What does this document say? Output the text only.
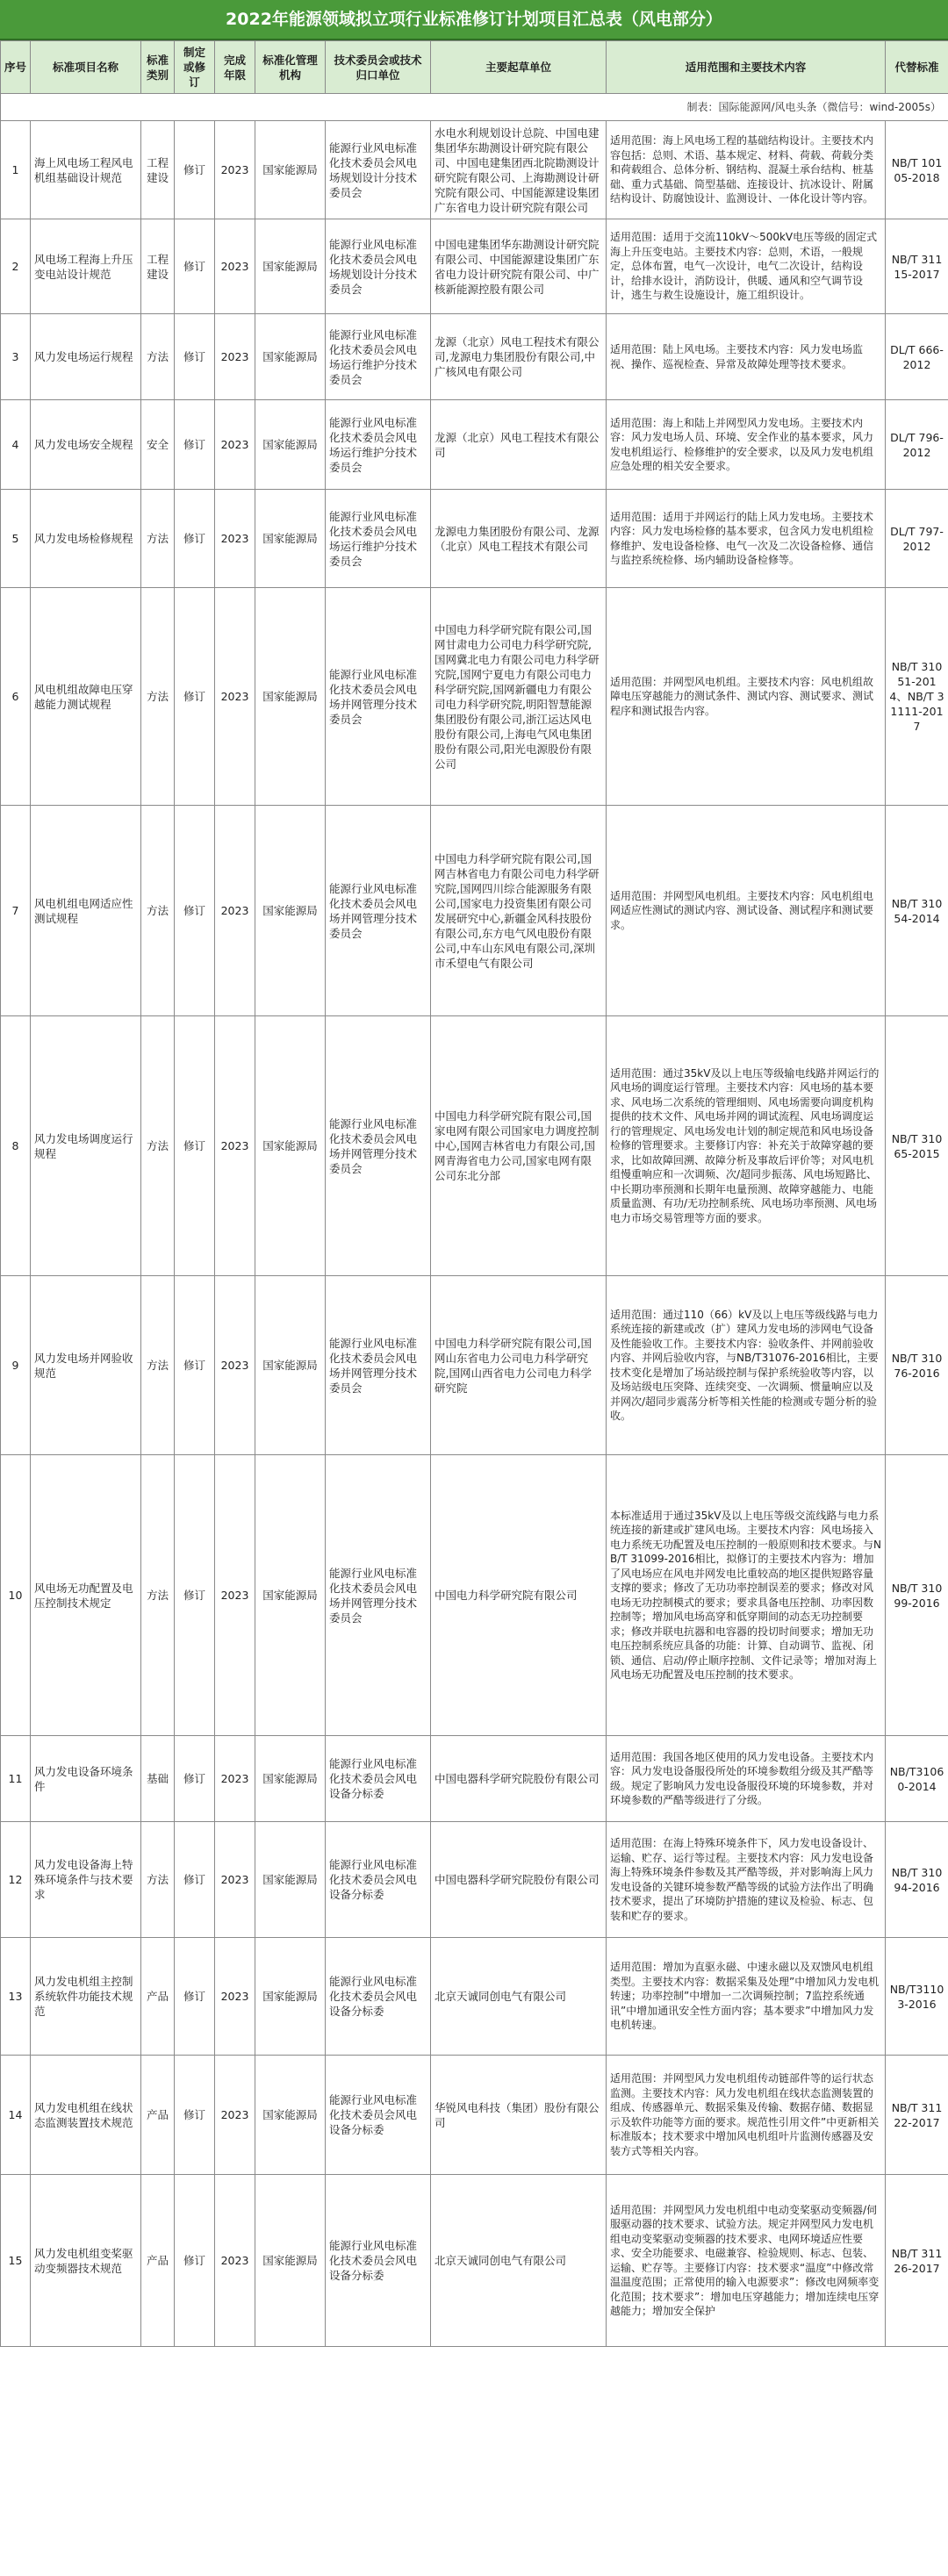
2022年能源领域拟立项行业标准修订计划项目汇总表（风电部分）
序号	标准项目名称	标准类别	制定或修订	完成年限	标准化管理机构	技术委员会或技术归口单位	主要起草单位	适用范围和主要技术内容	代替标准
制表：国际能源网/风电头条（微信号：wind-2005s）									
1	海上风电场工程风电机组基础设计规范	工程建设	修订	2023	国家能源局	能源行业风电标准化技术委员会风电场规划设计分技术委员会	水电水利规划设计总院、中国电建集团华东勘测设计研究院有限公司、中国电建集团西北院勘测设计研究院有限公司、上海勘测设计研究院有限公司、中国能源建设集团广东省电力设计研究院有限公司	适用范围：海上风电场工程的基础结构设计。主要技术内容包括：总则、术语、基本规定、材料、荷载、荷载分类和荷载组合、总体分析、钢结构、混凝土承台结构、桩基础、重力式基础、筒型基础、连接设计、抗冰设计、附属结构设计、防腐蚀设计、监测设计、一体化设计等内容。	NB/T 10105-2018
2	风电场工程海上升压变电站设计规范	工程建设	修订	2023	国家能源局	能源行业风电标准化技术委员会风电场规划设计分技术委员会	中国电建集团华东勘测设计研究院有限公司、中国能源建设集团广东省电力设计研究院有限公司、中广核新能源控股有限公司	适用范围：适用于交流110kV～500kV电压等级的固定式海上升压变电站。主要技术内容：总则，术语，一般规定，总体布置，电气一次设计，电气二次设计，结构设计，给排水设计，消防设计，供暖、通风和空气调节设计，逃生与救生设施设计，施工组织设计。	NB/T 31115-2017
3	风力发电场运行规程	方法	修订	2023	国家能源局	能源行业风电标准化技术委员会风电场运行维护分技术委员会	龙源（北京）风电工程技术有限公司,龙源电力集团股份有限公司,中广核风电有限公司	适用范围：陆上风电场。主要技术内容：风力发电场监视、操作、巡视检查、异常及故障处理等技术要求。	DL/T 666-2012
4	风力发电场安全规程	安全	修订	2023	国家能源局	能源行业风电标准化技术委员会风电场运行维护分技术委员会	龙源（北京）风电工程技术有限公司	适用范围：海上和陆上并网型风力发电场。主要技术内容：风力发电场人员、环境、安全作业的基本要求，风力发电机组运行、检修维护的安全要求，以及风力发电机组应急处理的相关安全要求。	DL/T 796-2012
5	风力发电场检修规程	方法	修订	2023	国家能源局	能源行业风电标准化技术委员会风电场运行维护分技术委员会	龙源电力集团股份有限公司、龙源（北京）风电工程技术有限公司	适用范围：适用于并网运行的陆上风力发电场。主要技术内容：风力发电场检修的基本要求，包含风力发电机组检修维护、发电设备检修、电气一次及二次设备检修、通信与监控系统检修、场内辅助设备检修等。	DL/T 797-2012
6	风电机组故障电压穿越能力测试规程	方法	修订	2023	国家能源局	能源行业风电标准化技术委员会风电场并网管理分技术委员会	中国电力科学研究院有限公司,国网甘肃电力公司电力科学研究院,国网冀北电力有限公司电力科学研究院,国网宁夏电力有限公司电力科学研究院,国网新疆电力有限公司电力科学研究院,明阳智慧能源集团股份有限公司,浙江运达风电股份有限公司,上海电气风电集团股份有限公司,阳光电源股份有限公司	适用范围：并网型风电机组。主要技术内容：风电机组故障电压穿越能力的测试条件、测试内容、测试要求、测试程序和测试报告内容。	NB/T 31051-2014、NB/T 31111-2017
7	风电机组电网适应性测试规程	方法	修订	2023	国家能源局	能源行业风电标准化技术委员会风电场并网管理分技术委员会	中国电力科学研究院有限公司,国网吉林省电力有限公司电力科学研究院,国网四川综合能源服务有限公司,国家电力投资集团有限公司发展研究中心,新疆金风科技股份有限公司,东方电气风电股份有限公司,中车山东风电有限公司,深圳市禾望电气有限公司	适用范围：并网型风电机组。主要技术内容：风电机组电网适应性测试的测试内容、测试设备、测试程序和测试要求。	NB/T 31054-2014
8	风力发电场调度运行规程	方法	修订	2023	国家能源局	能源行业风电标准化技术委员会风电场并网管理分技术委员会	中国电力科学研究院有限公司,国家电网有限公司国家电力调度控制中心,国网吉林省电力有限公司,国网青海省电力公司,国家电网有限公司东北分部	适用范围：通过35kV及以上电压等级输电线路并网运行的风电场的调度运行管理。主要技术内容：风电场的基本要求、风电场二次系统的管理细则、风电场需要向调度机构提供的技术文件、风电场并网的调试流程、风电场调度运行的管理规定、风电场发电计划的制定规范和风电场设备检修的管理要求。主要修订内容：补充关于故障穿越的要求，比如故障回溯、故障分析及事故后评价等；对风电机组慢重响应和一次调频、次/超同步振荡、风电场短路比、中长期功率预测和长期年电量预测、故障穿越能力、电能质量监测、有功/无功控制系统、风电场功率预测、风电场电力市场交易管理等方面的要求。	NB/T 31065-2015
9	风力发电场并网验收规范	方法	修订	2023	国家能源局	能源行业风电标准化技术委员会风电场并网管理分技术委员会	中国电力科学研究院有限公司,国网山东省电力公司电力科学研究院,国网山西省电力公司电力科学研究院	适用范围：通过110（66）kV及以上电压等级线路与电力系统连接的新建或改（扩）建风力发电场的涉网电气设备及性能验收工作。主要技术内容：验收条件、并网前验收内容、并网后验收内容，与NB/T31076-2016相比，主要技术变化是增加了场站级控制与保护系统验收等内容，以及场站级电压突降、连续突变、一次调频、惯量响应以及并网次/超同步震荡分析等相关性能的检测或专题分析的验收。	NB/T 31076-2016
10	风电场无功配置及电压控制技术规定	方法	修订	2023	国家能源局	能源行业风电标准化技术委员会风电场并网管理分技术委员会	中国电力科学研究院有限公司	本标准适用于通过35kV及以上电压等级交流线路与电力系统连接的新建或扩建风电场。主要技术内容：风电场接入电力系统无功配置及电压控制的一般原则和技术要求。与NB/T 31099-2016相比，拟修订的主要技术内容为：增加了风电场应在风电并网发电比重较高的地区提供短路容量支撑的要求；修改了无功功率控制误差的要求；修改对风电场无功控制模式的要求；要求具备电压控制、功率因数控制等；增加风电场高穿和低穿期间的动态无功控制要求；修改并联电抗器和电容器的投切时间要求；增加无功电压控制系统应具备的功能：计算、自动调节、监视、闭锁、通信、启动/停止顺序控制、文件记录等；增加对海上风电场无功配置及电压控制的技术要求。	NB/T 31099-2016
11	风力发电设备环境条件	基础	修订	2023	国家能源局	能源行业风电标准化技术委员会风电设备分标委	中国电器科学研究院股份有限公司	适用范围：我国各地区使用的风力发电设备。主要技术内容：风力发电设备服役所处的环境参数组分级及其严酷等级。规定了影响风力发电设备服役环境的环境参数，并对环境参数的严酷等级进行了分级。	NB/T31060-2014
12	风力发电设备海上特殊环境条件与技术要求	方法	修订	2023	国家能源局	能源行业风电标准化技术委员会风电设备分标委	中国电器科学研究院股份有限公司	适用范围：在海上特殊环境条件下，风力发电设备设计、运输、贮存、运行等过程。主要技术内容：风力发电设备海上特殊环境条件参数及其严酷等级，并对影响海上风力发电设备的关键环境参数严酷等级的试验方法作出了明确技术要求，提出了环境防护措施的建议及检验、标志、包装和贮存的要求。	NB/T 31094-2016
13	风力发电机组主控制系统软件功能技术规范	产品	修订	2023	国家能源局	能源行业风电标准化技术委员会风电设备分标委	北京天诚同创电气有限公司	适用范围：增加为直驱永磁、中速永磁以及双馈风电机组类型。主要技术内容：数据采集及处理”中增加风力发电机转速；功率控制”中增加一二次调频控制；7监控系统通讯”中增加通讯安全性方面内容；基本要求”中增加风力发电机转速。	NB/T31103-2016
14	风力发电机组在线状态监测装置技术规范	产品	修订	2023	国家能源局	能源行业风电标准化技术委员会风电设备分标委	华锐风电科技（集团）股份有限公司	适用范围：并网型风力发电机组传动链部件等的运行状态监测。主要技术内容：风力发电机组在线状态监测装置的组成、传感器单元、数据采集及传输、数据存储、数据显示及软件功能等方面的要求。规范性引用文件”中更新相关标准版本；技术要求中增加风电机组叶片监测传感器及安装方式等相关内容。	NB/T 31122-2017
15	风力发电机组变桨驱动变频器技术规范	产品	修订	2023	国家能源局	能源行业风电标准化技术委员会风电设备分标委	北京天诚同创电气有限公司	适用范围：并网型风力发电机组中电动变桨驱动变频器/伺服驱动器的技术要求、试验方法。规定并网型风力发电机组电动变桨驱动变频器的技术要求、电网环境适应性要求、安全功能要求、电磁兼容、检验规则、标志、包装、运输、贮存等。主要修订内容：技术要求“温度”中修改常温温度范围；正常使用的输入电源要求”：修改电网频率变化范围；技术要求”：增加电压穿越能力；增加连续电压穿越能力；增加安全保护	NB/T 31126-2017
